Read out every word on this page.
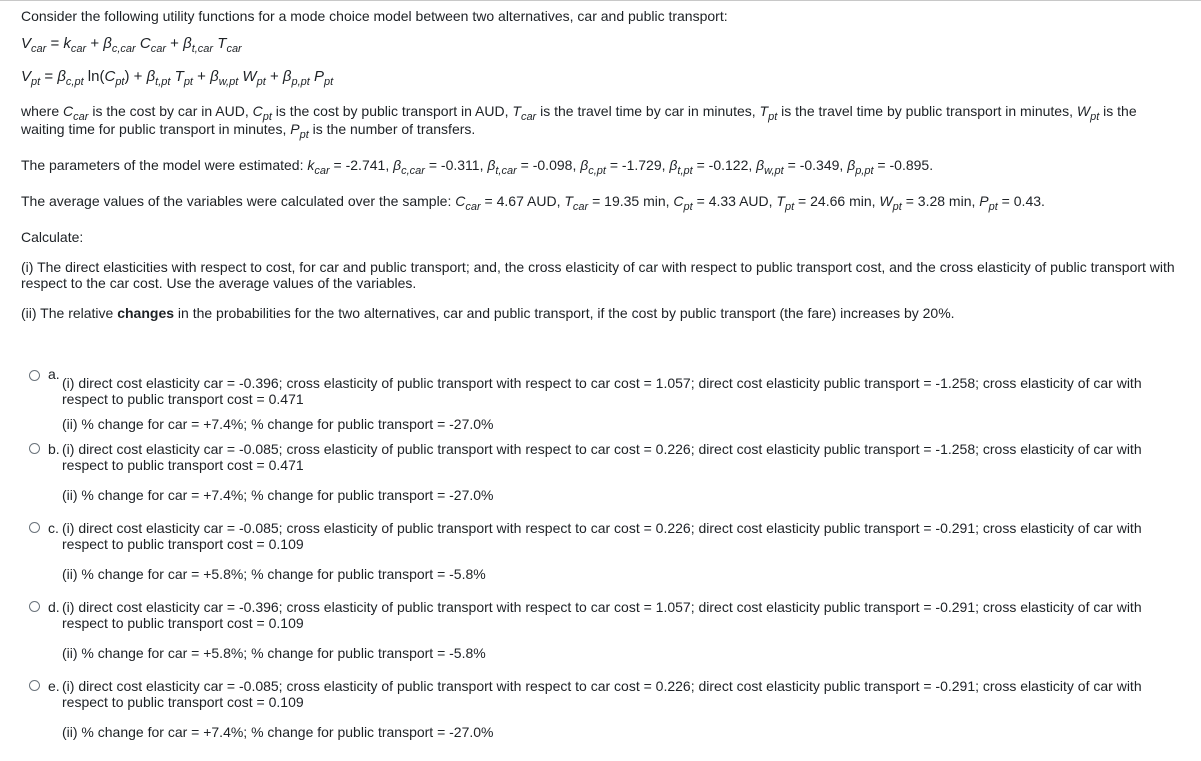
Consider the following utility functions for a mode choice model between two alternatives, car and public transport:

$V_{car} = k_{car} + \beta_{c,car}$ $C_{car} + \beta_{t,car}$ $T_{car}$

$V_{pt} = \beta_{c,pt}$ $\ln(C_{pt}) + \beta_{t,pt}$ $T_{pt} + \beta_{w,pt}$ $W_{pt} + \beta_{p,pt}$ $P_{pt}$

where $C_{car}$ is the cost by car in AUD, $C_{pt}$ is the cost by public transport in AUD, $T_{car}$ is the travel time by car in minutes, $T_{pt}$ is the travel time by public transport in minutes, $W_{pt}$ is the waiting time for public transport in minutes, $P_{pt}$ is the number of transfers.

The parameters of the model were estimated: $k_{car} = -2.741$, $\beta_{c,car} = -0.311$, $\beta_{t,car} = -0.098$, $\beta_{c,pt} = -1.729$, $\beta_{t,pt} = -0.122$, $\beta_{w,pt} = -0.349$, $\beta_{p,pt} = -0.895$.

The average values of the variables were calculated over the sample: $C_{car} = 4.67$ AUD, $T_{car} = 19.35$ min, $C_{pt} = 4.33$ AUD, $T_{pt} = 24.66$ min, $W_{pt} = 3.28$ min, $P_{pt} = 0.43$.

Calculate:

(i) The direct elasticities with respect to cost, for car and public transport; and, the cross elasticity of car with respect to public transport cost, and the cross elasticity of public transport with respect to the car cost. Use the average values of the variables.

(ii) The relative changes in the probabilities for the two alternatives, car and public transport, if the cost by public transport (the fare) increases by 20%.

a.

(i) direct cost elasticity car = -0.396; cross elasticity of public transport with respect to car cost = 1.057; direct cost elasticity public transport = -1.258; cross elasticity of car with respect to public transport cost = 0.471

(ii) % change for car = +7.4%; % change for public transport = -27.0%

b. (i) direct cost elasticity car = -0.085; cross elasticity of public transport with respect to car cost = 0.226; direct cost elasticity public transport = -1.258; cross elasticity of car with respect to public transport cost = 0.471

(ii) % change for car = +7.4%; % change for public transport = -27.0%

c. (i) direct cost elasticity car = -0.085; cross elasticity of public transport with respect to car cost = 0.226; direct cost elasticity public transport = -0.291; cross elasticity of car with respect to public transport cost = 0.109

(ii) % change for car = +5.8%; % change for public transport = -5.8%

d. (i) direct cost elasticity car = -0.396; cross elasticity of public transport with respect to car cost = 1.057; direct cost elasticity public transport = -0.291; cross elasticity of car with respect to public transport cost = 0.109

(ii) % change for car = +5.8%; % change for public transport = -5.8%

e. (i) direct cost elasticity car = -0.085; cross elasticity of public transport with respect to car cost = 0.226; direct cost elasticity public transport = -0.291; cross elasticity of car with respect to public transport cost = 0.109

(ii) % change for car = +7.4%; % change for public transport = -27.0%
